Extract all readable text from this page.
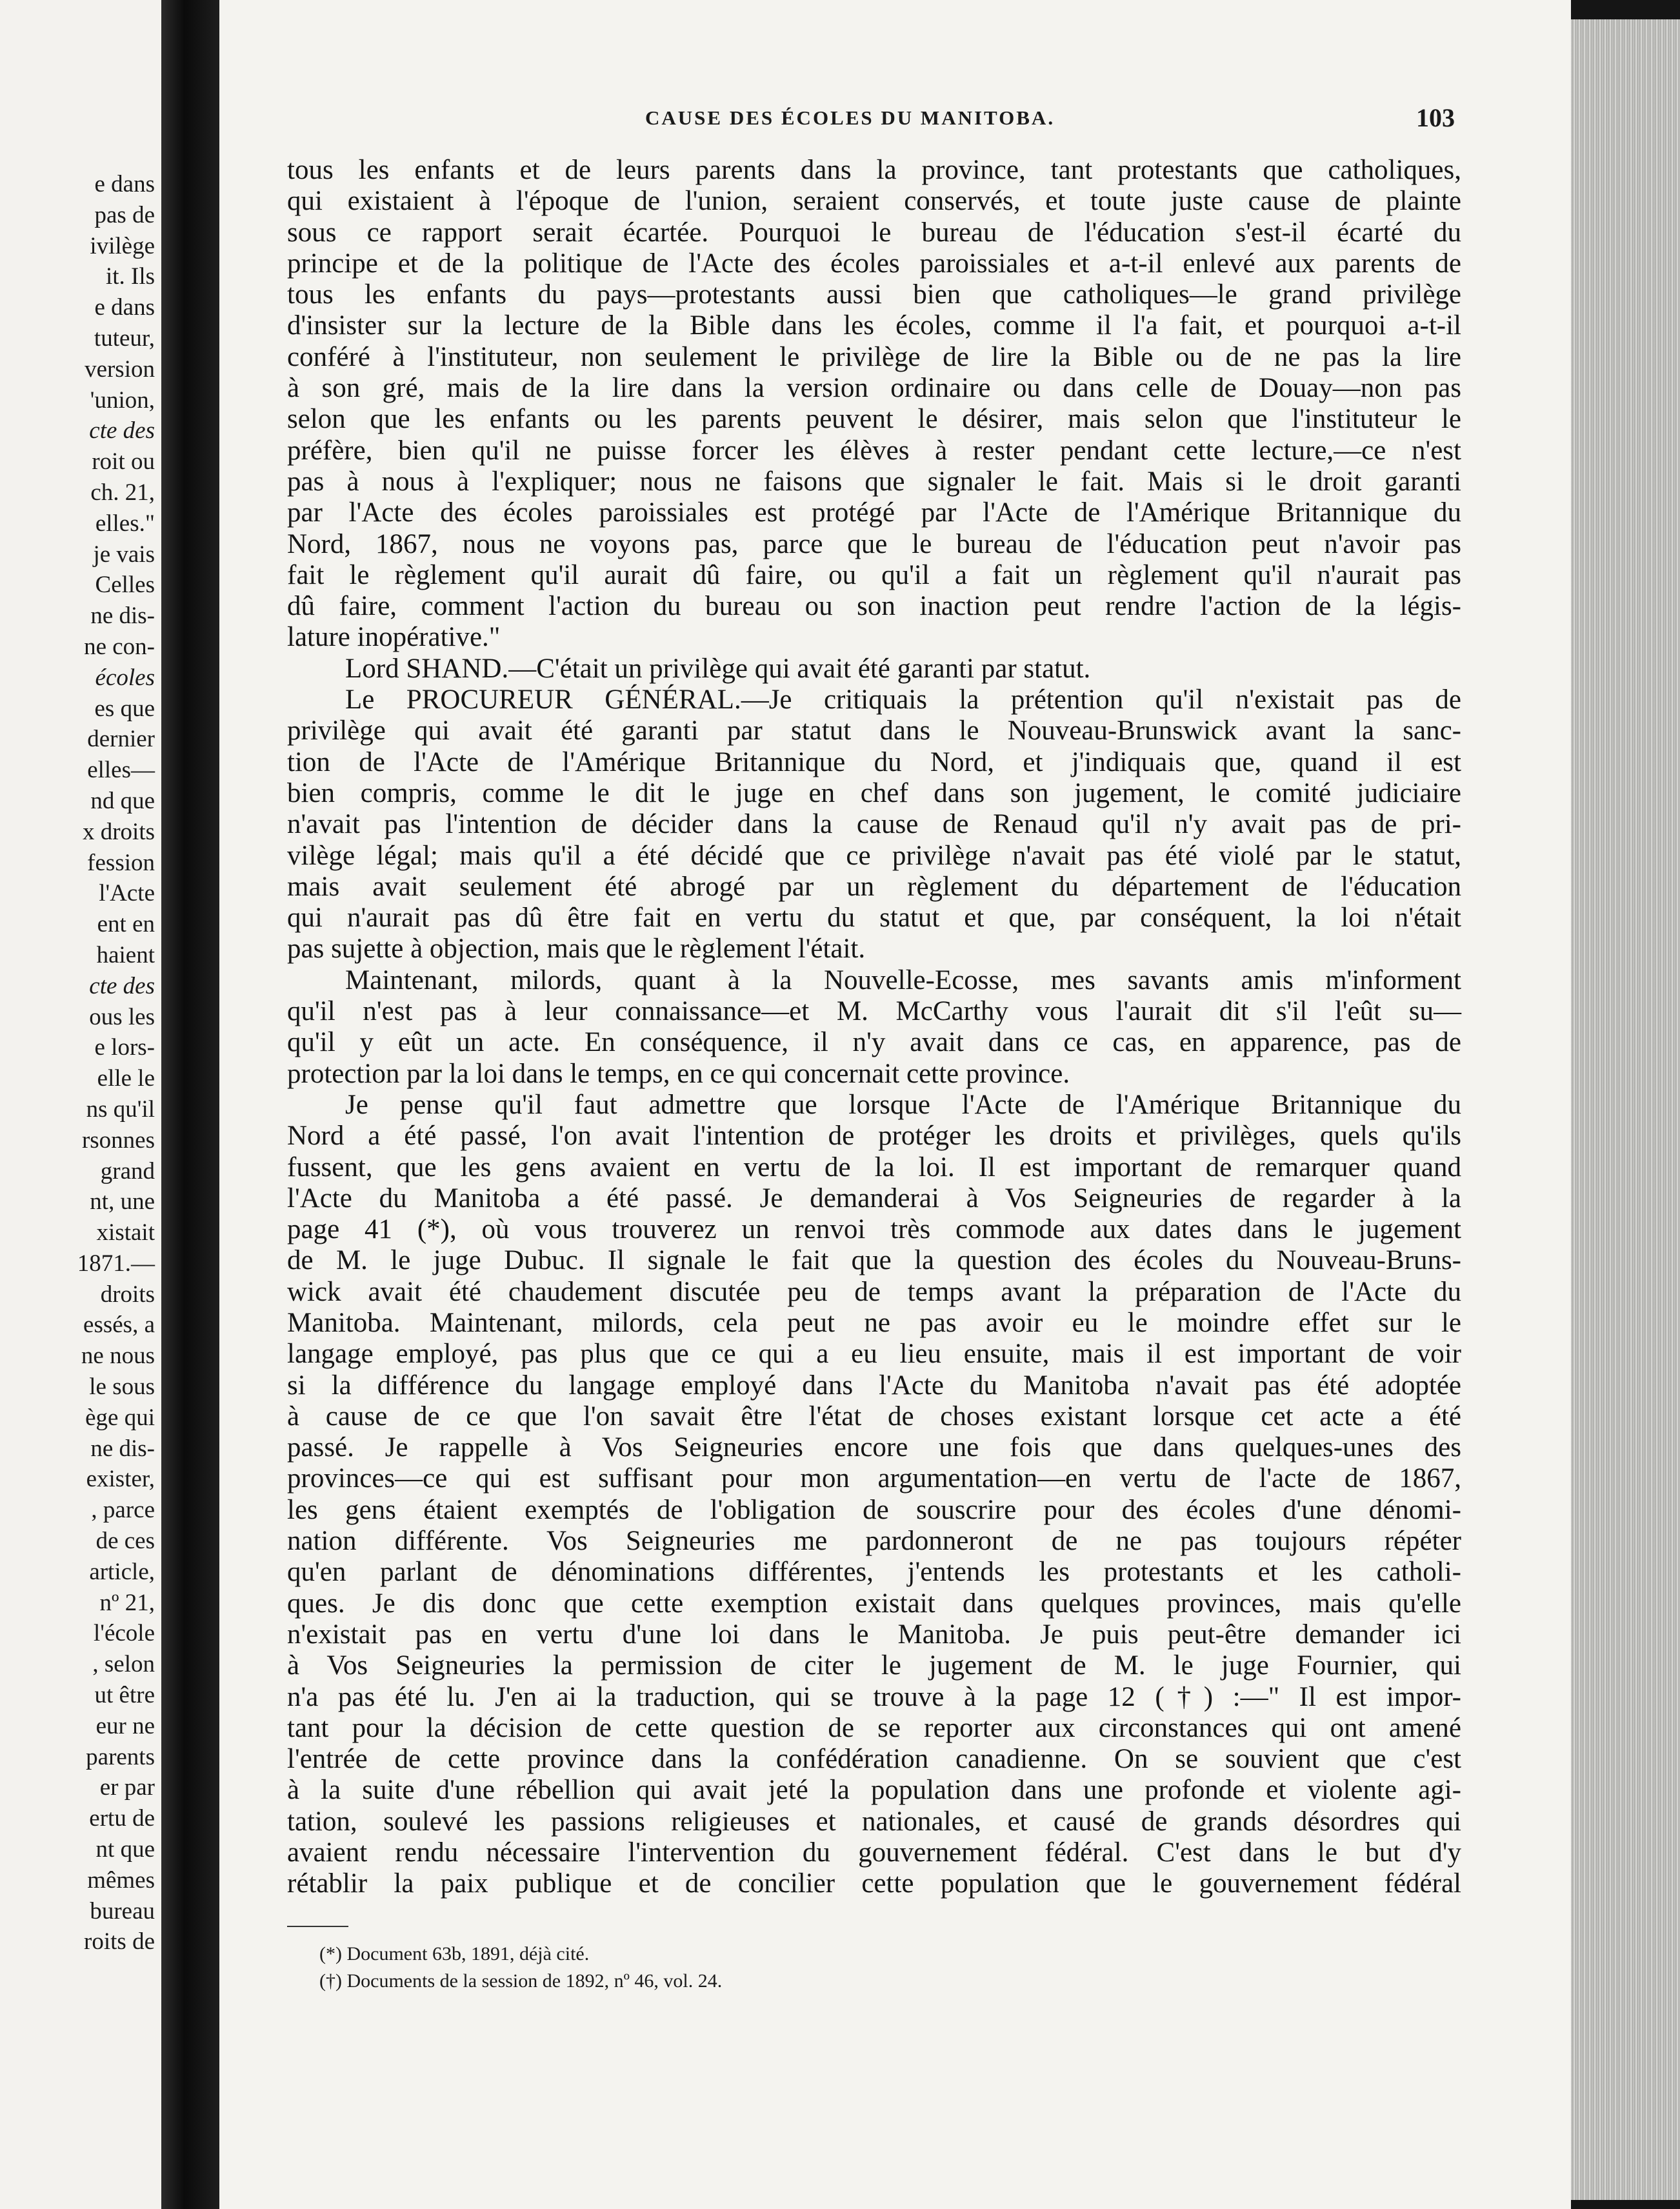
e dans
pas de
ivilège
it. Ils
e dans
tuteur,
version
'union,
cte des
roit ou
ch. 21,
elles."
je vais
Celles
ne dis-
ne con-
écoles
es que
dernier
elles—
nd que
x droits
fession
l'Acte
ent en
haient
cte des
ous les
e lors-
elle le
ns qu'il
rsonnes
grand
nt, une
xistait
1871.—
droits
essés, a
ne nous
le sous
ège qui
ne dis-
exister,
, parce
de ces
article,
nº 21,
l'école
, selon
ut être
eur ne
parents
er par
ertu de
nt que
mêmes
bureau
roits de
CAUSE DES ÉCOLES DU MANITOBA.	103
tous les enfants et de leurs parents dans la province, tant protestants que catholiques,
qui existaient à l'époque de l'union, seraient conservés, et toute juste cause de plainte
sous ce rapport serait écartée. Pourquoi le bureau de l'éducation s'est-il écarté du
principe et de la politique de l'Acte des écoles paroissiales et a-t-il enlevé aux parents de
tous les enfants du pays—protestants aussi bien que catholiques—le grand privilège
d'insister sur la lecture de la Bible dans les écoles, comme il l'a fait, et pourquoi a-t-il
conféré à l'instituteur, non seulement le privilège de lire la Bible ou de ne pas la lire
à son gré, mais de la lire dans la version ordinaire ou dans celle de Douay—non pas
selon que les enfants ou les parents peuvent le désirer, mais selon que l'instituteur le
préfère, bien qu'il ne puisse forcer les élèves à rester pendant cette lecture,—ce n'est
pas à nous à l'expliquer; nous ne faisons que signaler le fait. Mais si le droit garanti
par l'Acte des écoles paroissiales est protégé par l'Acte de l'Amérique Britannique du
Nord, 1867, nous ne voyons pas, parce que le bureau de l'éducation peut n'avoir pas
fait le règlement qu'il aurait dû faire, ou qu'il a fait un règlement qu'il n'aurait pas
dû faire, comment l'action du bureau ou son inaction peut rendre l'action de la légis-
lature inopérative."
Lord SHAND.—C'était un privilège qui avait été garanti par statut.
Le PROCUREUR GÉNÉRAL.—Je critiquais la prétention qu'il n'existait pas de
privilège qui avait été garanti par statut dans le Nouveau-Brunswick avant la sanc-
tion de l'Acte de l'Amérique Britannique du Nord, et j'indiquais que, quand il est
bien compris, comme le dit le juge en chef dans son jugement, le comité judiciaire
n'avait pas l'intention de décider dans la cause de Renaud qu'il n'y avait pas de pri-
vilège légal; mais qu'il a été décidé que ce privilège n'avait pas été violé par le statut,
mais avait seulement été abrogé par un règlement du département de l'éducation
qui n'aurait pas dû être fait en vertu du statut et que, par conséquent, la loi n'était
pas sujette à objection, mais que le règlement l'était.
Maintenant, milords, quant à la Nouvelle-Ecosse, mes savants amis m'informent
qu'il n'est pas à leur connaissance—et M. McCarthy vous l'aurait dit s'il l'eût su—
qu'il y eût un acte. En conséquence, il n'y avait dans ce cas, en apparence, pas de
protection par la loi dans le temps, en ce qui concernait cette province.
Je pense qu'il faut admettre que lorsque l'Acte de l'Amérique Britannique du
Nord a été passé, l'on avait l'intention de protéger les droits et privilèges, quels qu'ils
fussent, que les gens avaient en vertu de la loi. Il est important de remarquer quand
l'Acte du Manitoba a été passé. Je demanderai à Vos Seigneuries de regarder à la
page 41 (*), où vous trouverez un renvoi très commode aux dates dans le jugement
de M. le juge Dubuc. Il signale le fait que la question des écoles du Nouveau-Bruns-
wick avait été chaudement discutée peu de temps avant la préparation de l'Acte du
Manitoba. Maintenant, milords, cela peut ne pas avoir eu le moindre effet sur le
langage employé, pas plus que ce qui a eu lieu ensuite, mais il est important de voir
si la différence du langage employé dans l'Acte du Manitoba n'avait pas été adoptée
à cause de ce que l'on savait être l'état de choses existant lorsque cet acte a été
passé. Je rappelle à Vos Seigneuries encore une fois que dans quelques-unes des
provinces—ce qui est suffisant pour mon argumentation—en vertu de l'acte de 1867,
les gens étaient exemptés de l'obligation de souscrire pour des écoles d'une dénomi-
nation différente. Vos Seigneuries me pardonneront de ne pas toujours répéter
qu'en parlant de dénominations différentes, j'entends les protestants et les catholi-
ques. Je dis donc que cette exemption existait dans quelques provinces, mais qu'elle
n'existait pas en vertu d'une loi dans le Manitoba. Je puis peut-être demander ici
à Vos Seigneuries la permission de citer le jugement de M. le juge Fournier, qui
n'a pas été lu. J'en ai la traduction, qui se trouve à la page 12 (†) :—" Il est impor-
tant pour la décision de cette question de se reporter aux circonstances qui ont amené
l'entrée de cette province dans la confédération canadienne. On se souvient que c'est
à la suite d'une rébellion qui avait jeté la population dans une profonde et violente agi-
tation, soulevé les passions religieuses et nationales, et causé de grands désordres qui
avaient rendu nécessaire l'intervention du gouvernement fédéral. C'est dans le but d'y
rétablir la paix publique et de concilier cette population que le gouvernement fédéral
(*) Document 63b, 1891, déjà cité.
(†) Documents de la session de 1892, nº 46, vol. 24.
